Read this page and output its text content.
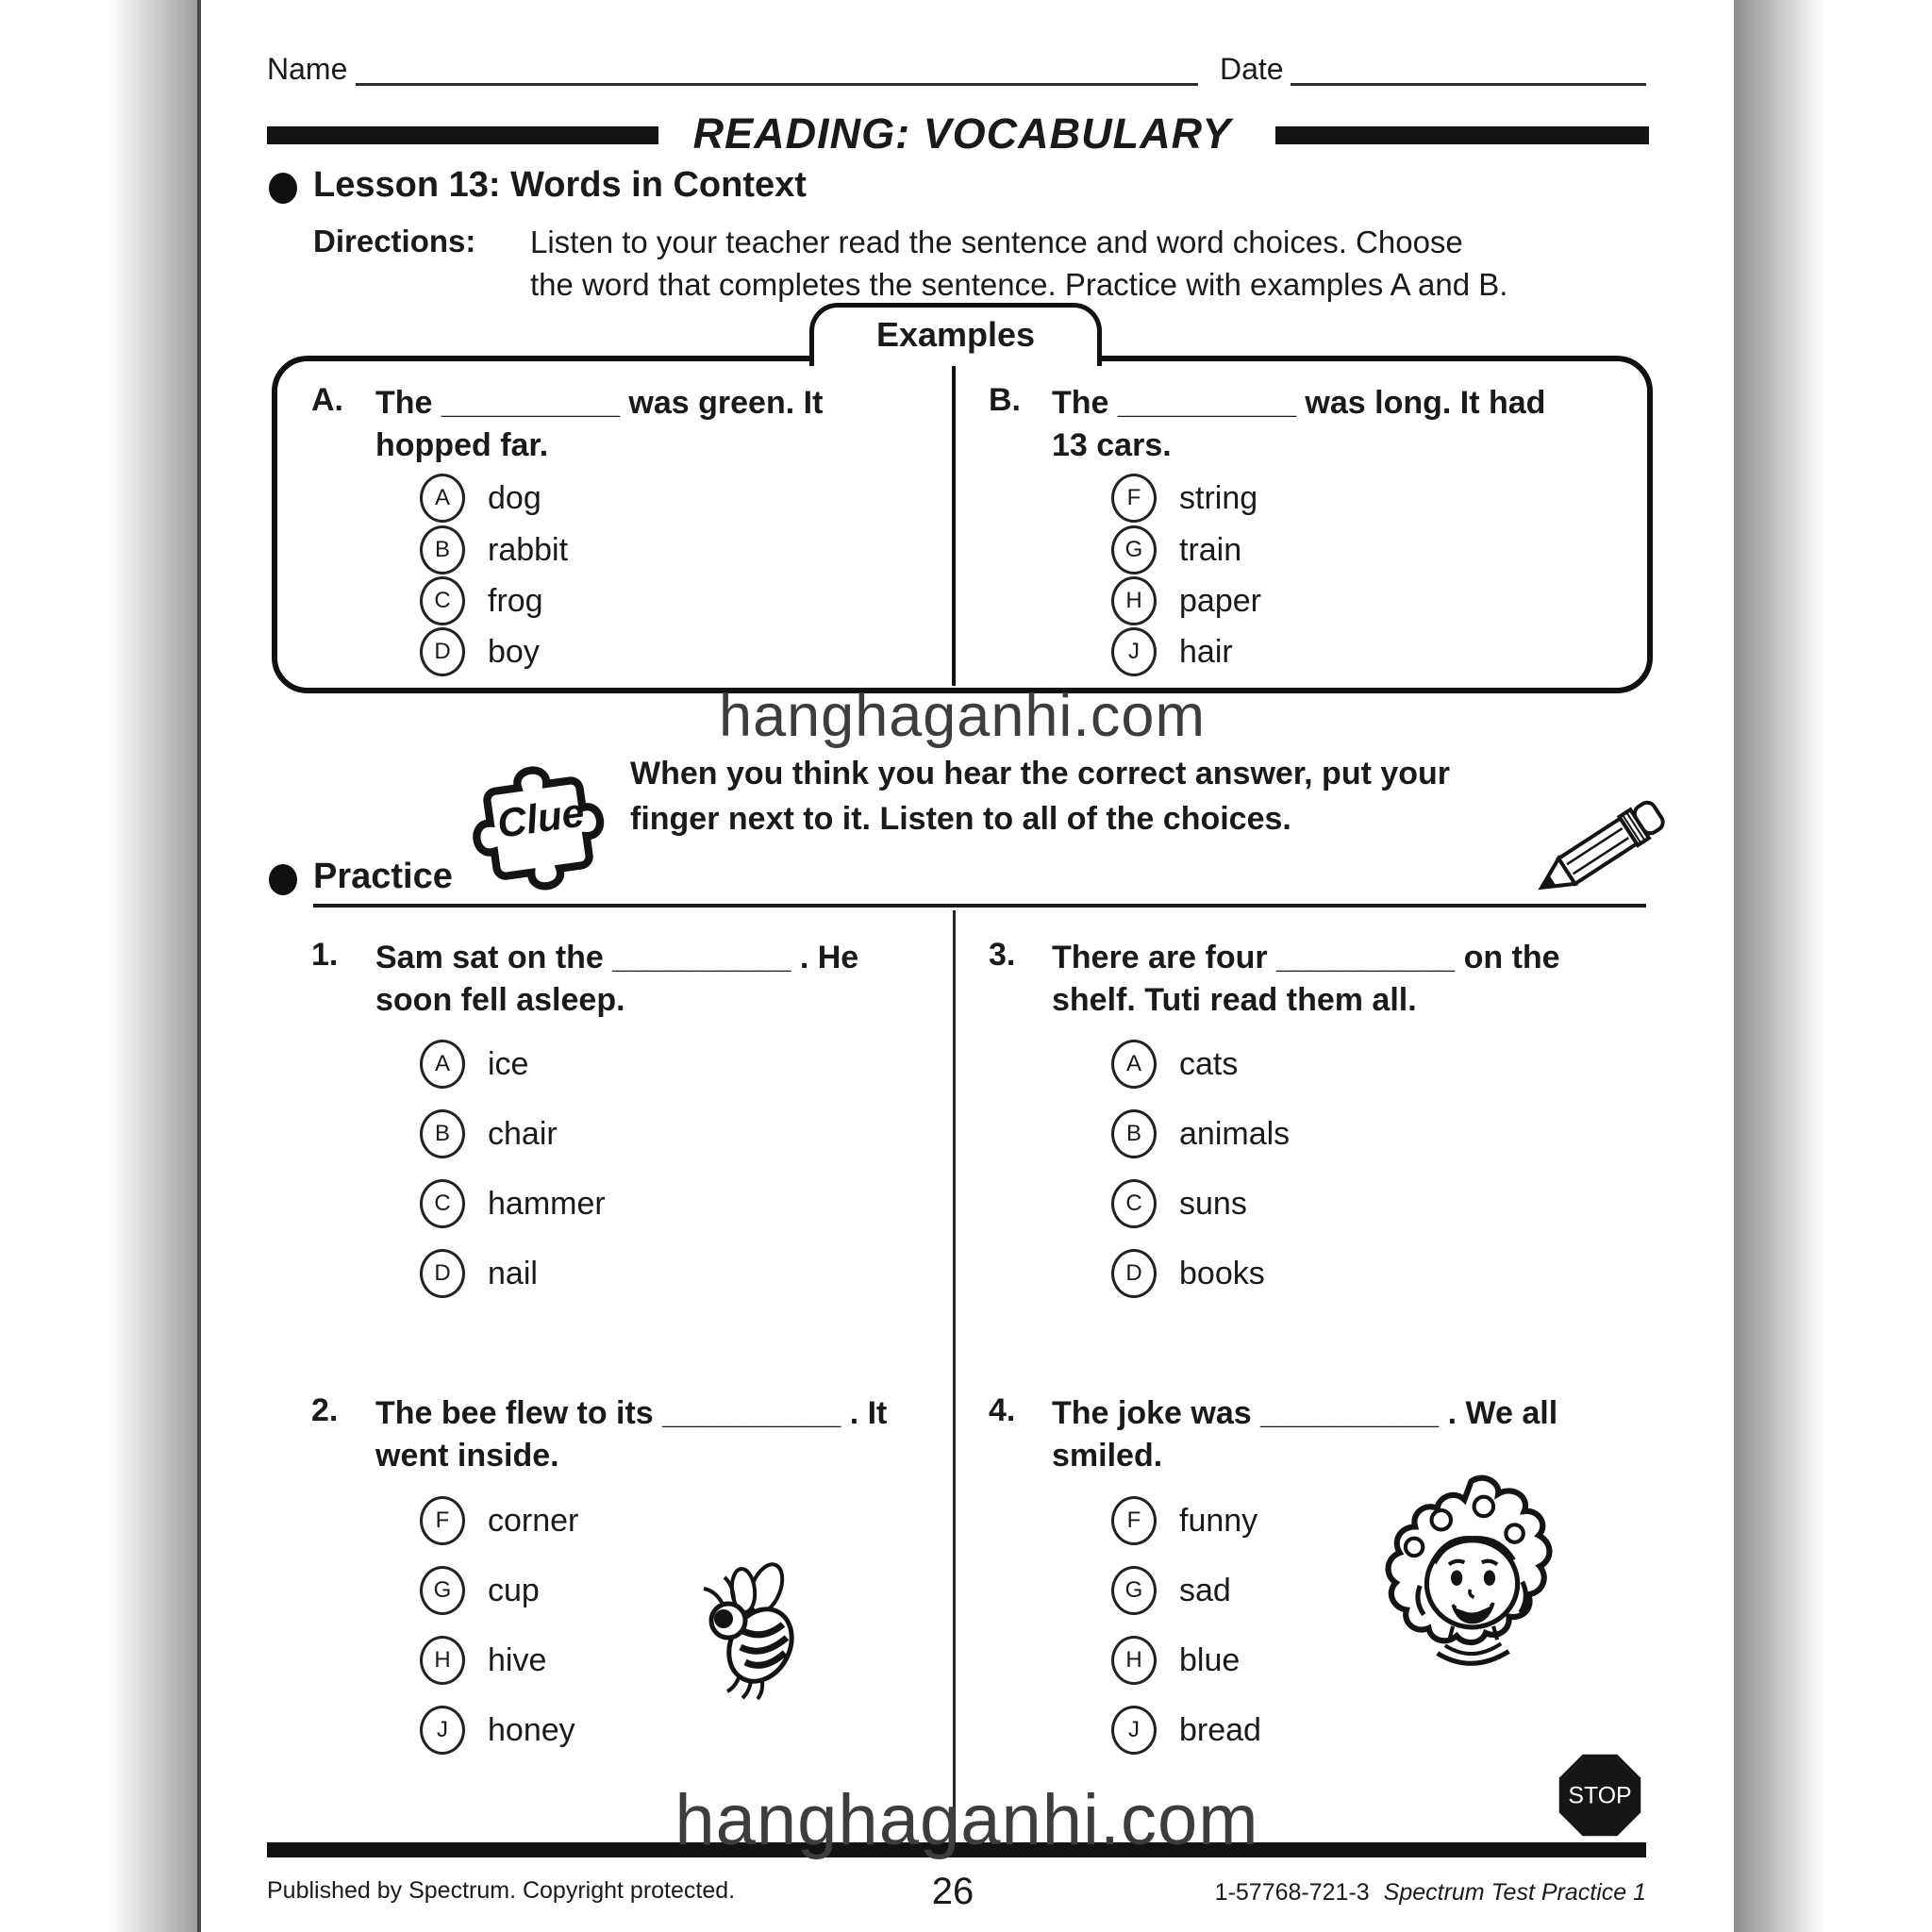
Name	Date
READING: VOCABULARY
Lesson 13: Words in Context
Directions: Listen to your teacher read the sentence and word choices. Choose
the word that completes the sentence. Practice with examples A and B.
Examples
A. The __________ was green. It
hopped far.
A	dog
B	rabbit
C	frog
D	boy
B. The __________ was long. It had
13 cars.
F	string
G	train
H	paper
J	hair
hanghaganhi.com
Clue
When you think you hear the correct answer, put your
finger next to it. Listen to all of the choices.
Practice
1. Sam sat on the __________ . He
soon fell asleep.
A	ice
B	chair
C	hammer
D	nail
3. There are four __________ on the
shelf. Tuti read them all.
A	cats
B	animals
C	suns
D	books
2. The bee flew to its __________ . It
went inside.
F	corner
G	cup
H	hive
J	honey
4. The joke was __________ . We all
smiled.
F	funny
G	sad
H	blue
J	bread
STOP
hanghaganhi.com
Published by Spectrum. Copyright protected.	26	1-57768-721-3 Spectrum Test Practice 1
